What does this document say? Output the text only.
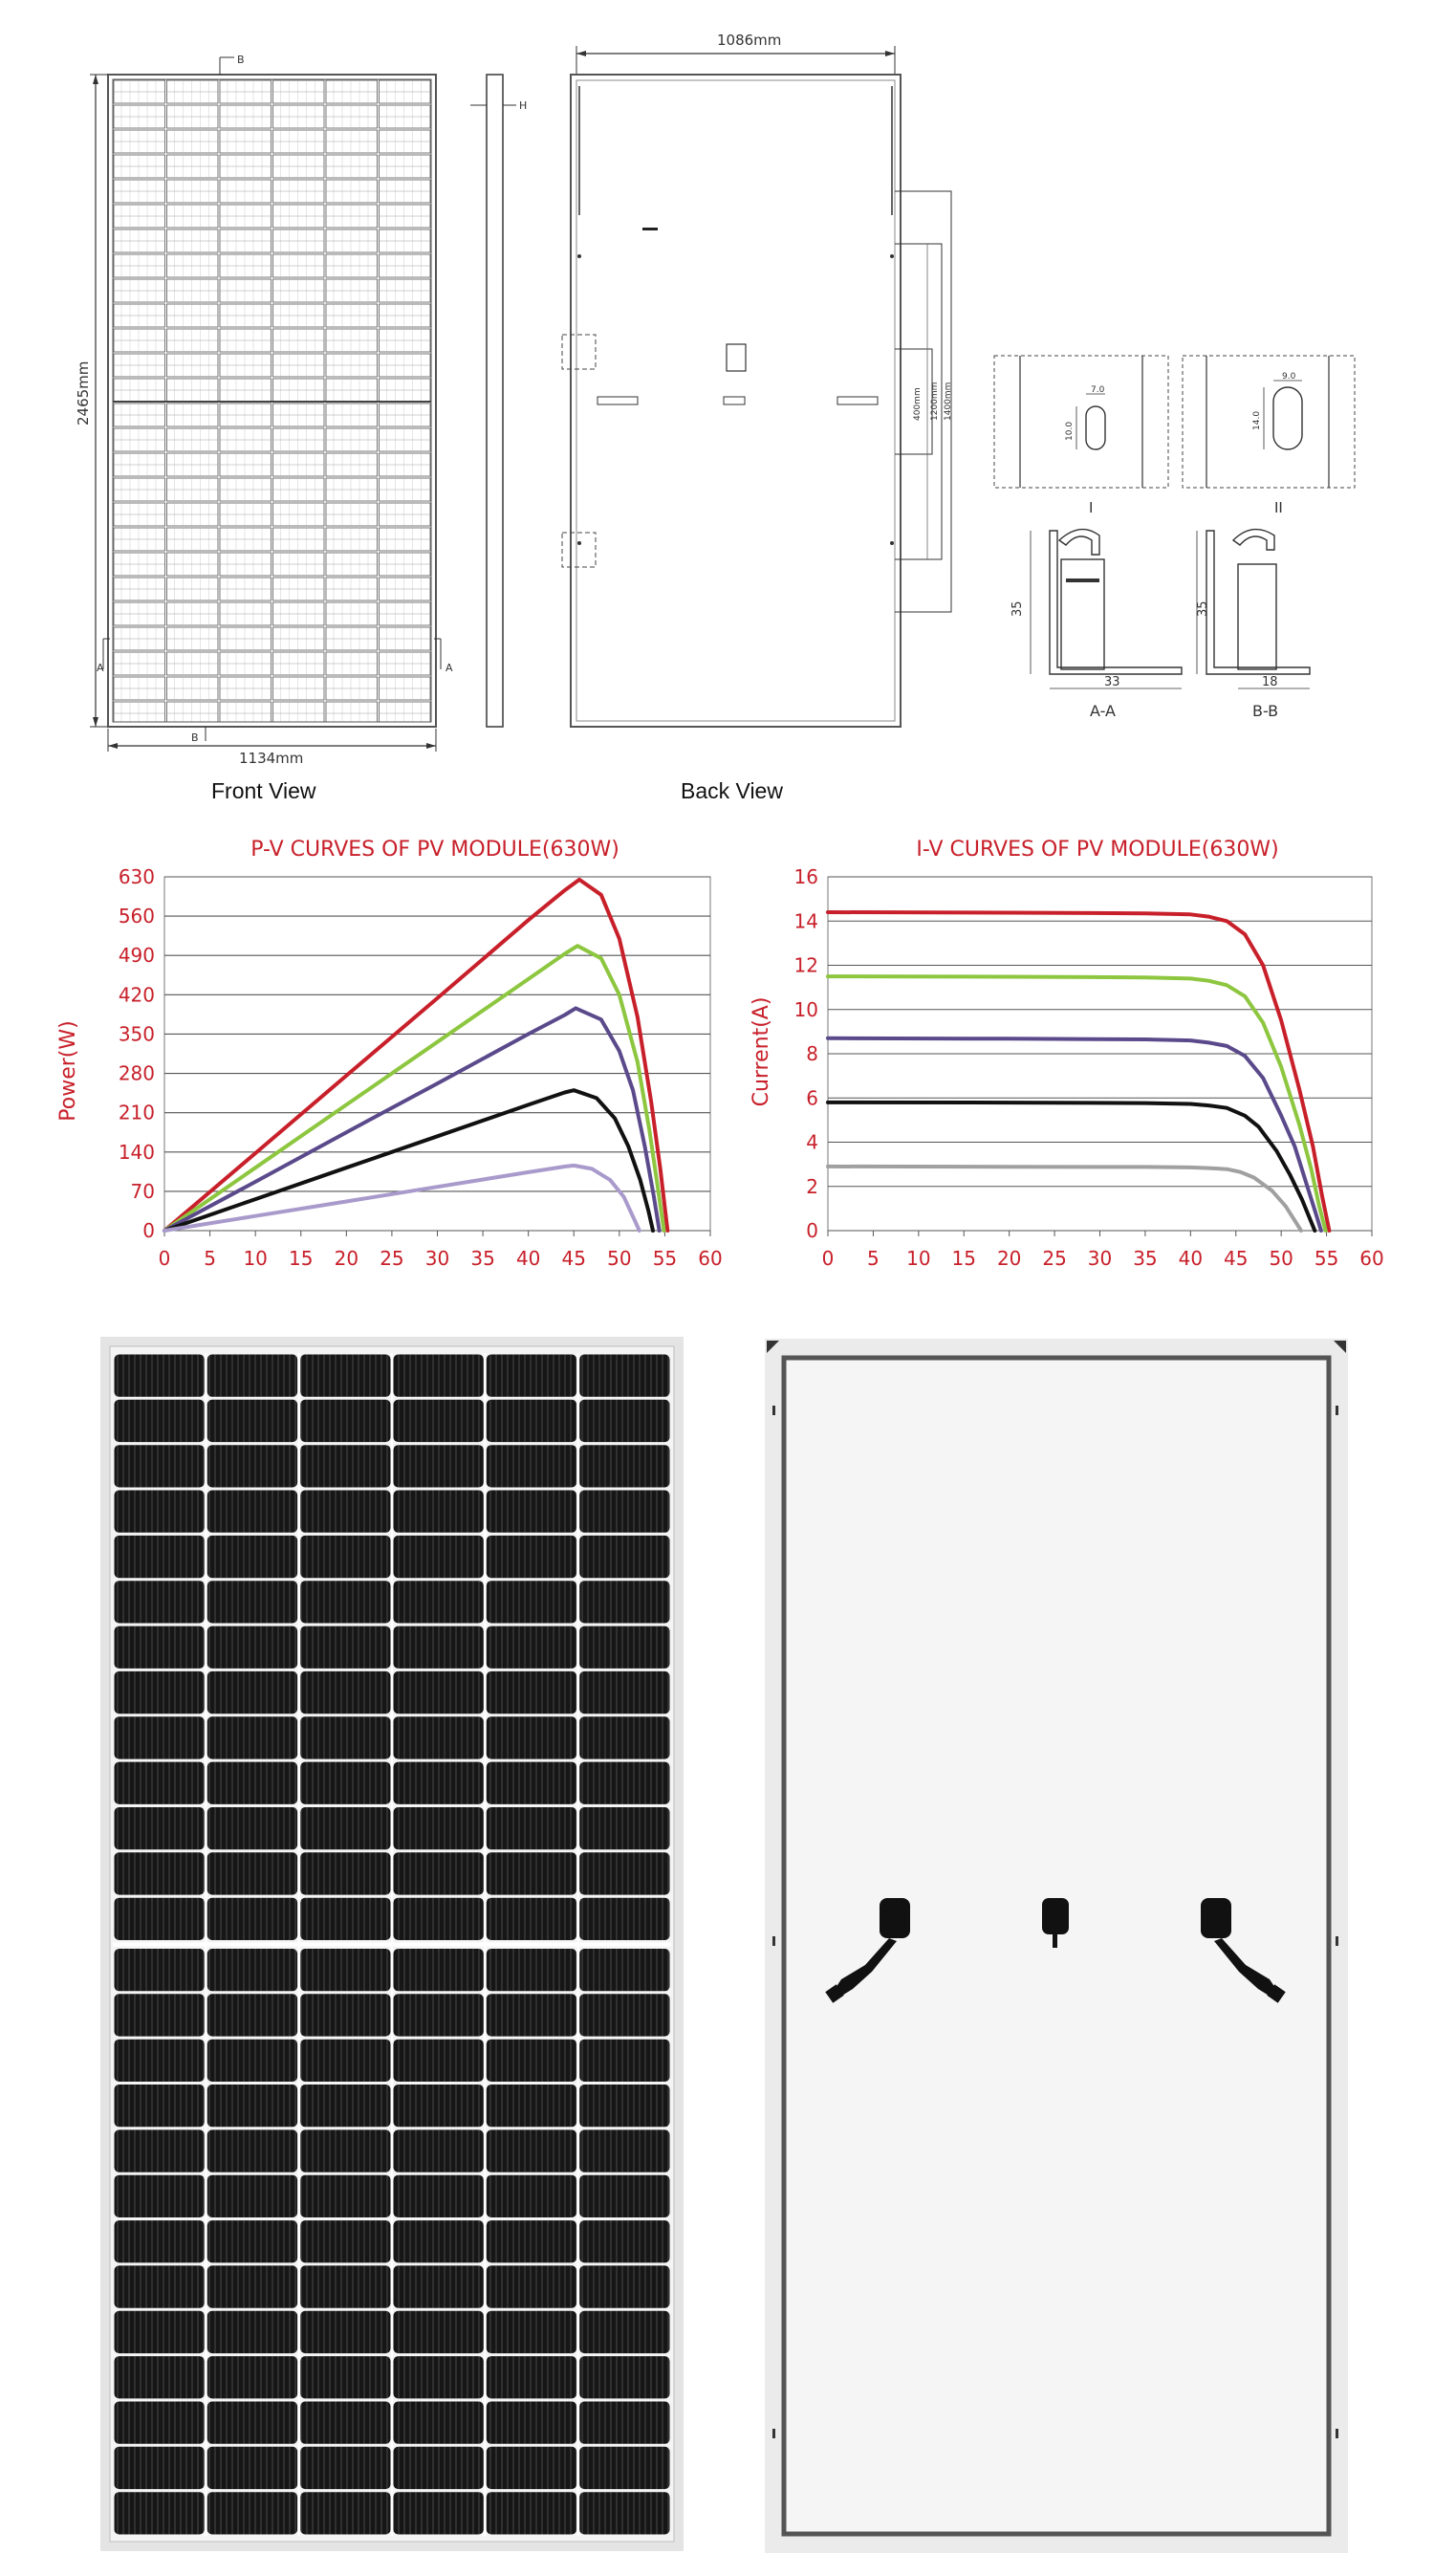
2465mm
1134mm
A	A
B
B
Front View
H
1086mm
400mm 1200mm 1400mm
Back View
7.0
10.0
I
9.0
14.0
II
35
33
A-A
35
18
B-B
P-V CURVES OF PV MODULE(630W)
Power(W)
0
70
140
210
280
350
420
490
560
630
0 5 10 15 20 25 30 35 40 45 50 55 60
I-V CURVES OF PV MODULE(630W)
Current(A)
0
2
4
6
8
10
12
14
16
0 5 10 15 20 25 30 35 40 45 50 55 60
